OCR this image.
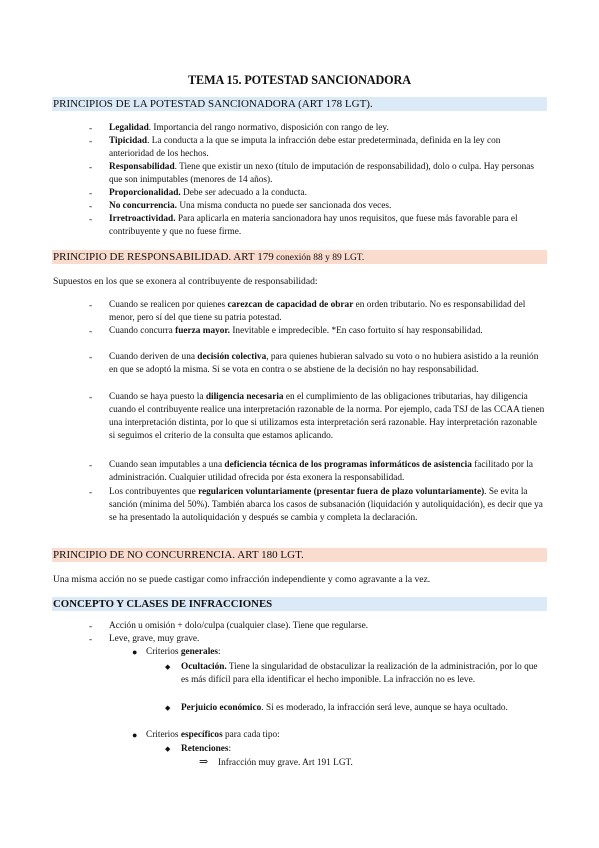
TEMA 15. POTESTAD SANCIONADORA
PRINCIPIOS DE LA POTESTAD SANCIONADORA (ART 178 LGT).
- Legalidad. Importancia del rango normativo, disposición con rango de ley.
- Tipicidad. La conducta a la que se imputa la infracción debe estar predeterminada, definida en la ley con anterioridad de los hechos.
- Responsabilidad. Tiene que existir un nexo (título de imputación de responsabilidad), dolo o culpa. Hay personas que son inimputables (menores de 14 años).
- Proporcionalidad. Debe ser adecuado a la conducta.
- No concurrencia. Una misma conducta no puede ser sancionada dos veces.
- Irretroactividad. Para aplicarla en materia sancionadora hay unos requisitos, que fuese más favorable para el contribuyente y que no fuese firme.
PRINCIPIO DE RESPONSABILIDAD. ART 179 conexión 88 y 89 LGT.
Supuestos en los que se exonera al contribuyente de responsabilidad:
- Cuando se realicen por quienes carezcan de capacidad de obrar en orden tributario. No es responsabilidad del menor, pero sí del que tiene su patria potestad.
- Cuando concurra fuerza mayor. Inevitable e impredecible. *En caso fortuito sí hay responsabilidad.
- Cuando deriven de una decisión colectiva, para quienes hubieran salvado su voto o no hubiera asistido a la reunión en que se adoptó la misma. Si se vota en contra o se abstiene de la decisión no hay responsabilidad.
- Cuando se haya puesto la diligencia necesaria en el cumplimiento de las obligaciones tributarias, hay diligencia cuando el contribuyente realice una interpretación razonable de la norma. Por ejemplo, cada TSJ de las CCAA tienen una interpretación distinta, por lo que si utilizamos esta interpretación será razonable. Hay interpretación razonable si seguimos el criterio de la consulta que estamos aplicando.
- Cuando sean imputables a una deficiencia técnica de los programas informáticos de asistencia facilitado por la administración. Cualquier utilidad ofrecida por ésta exonera la responsabilidad.
- Los contribuyentes que regularicen voluntariamente (presentar fuera de plazo voluntariamente). Se evita la sanción (mínima del 50%). También abarca los casos de subsanación (liquidación y autoliquidación), es decir que ya se ha presentado la autoliquidación y después se cambia y completa la declaración.
PRINCIPIO DE NO CONCURRENCIA. ART 180 LGT.
Una misma acción no se puede castigar como infracción independiente y como agravante a la vez.
CONCEPTO Y CLASES DE INFRACCIONES
- Acción u omisión + dolo/culpa (cualquier clase). Tiene que regularse.
- Leve, grave, muy grave.
● Criterios generales:
◆ Ocultación. Tiene la singularidad de obstaculizar la realización de la administración, por lo que es más difícil para ella identificar el hecho imponible. La infracción no es leve.
◆ Perjuicio económico. Si es moderado, la infracción será leve, aunque se haya ocultado.
● Criterios específicos para cada tipo:
◆ Retenciones:
⇒ Infracción muy grave. Art 191 LGT.
